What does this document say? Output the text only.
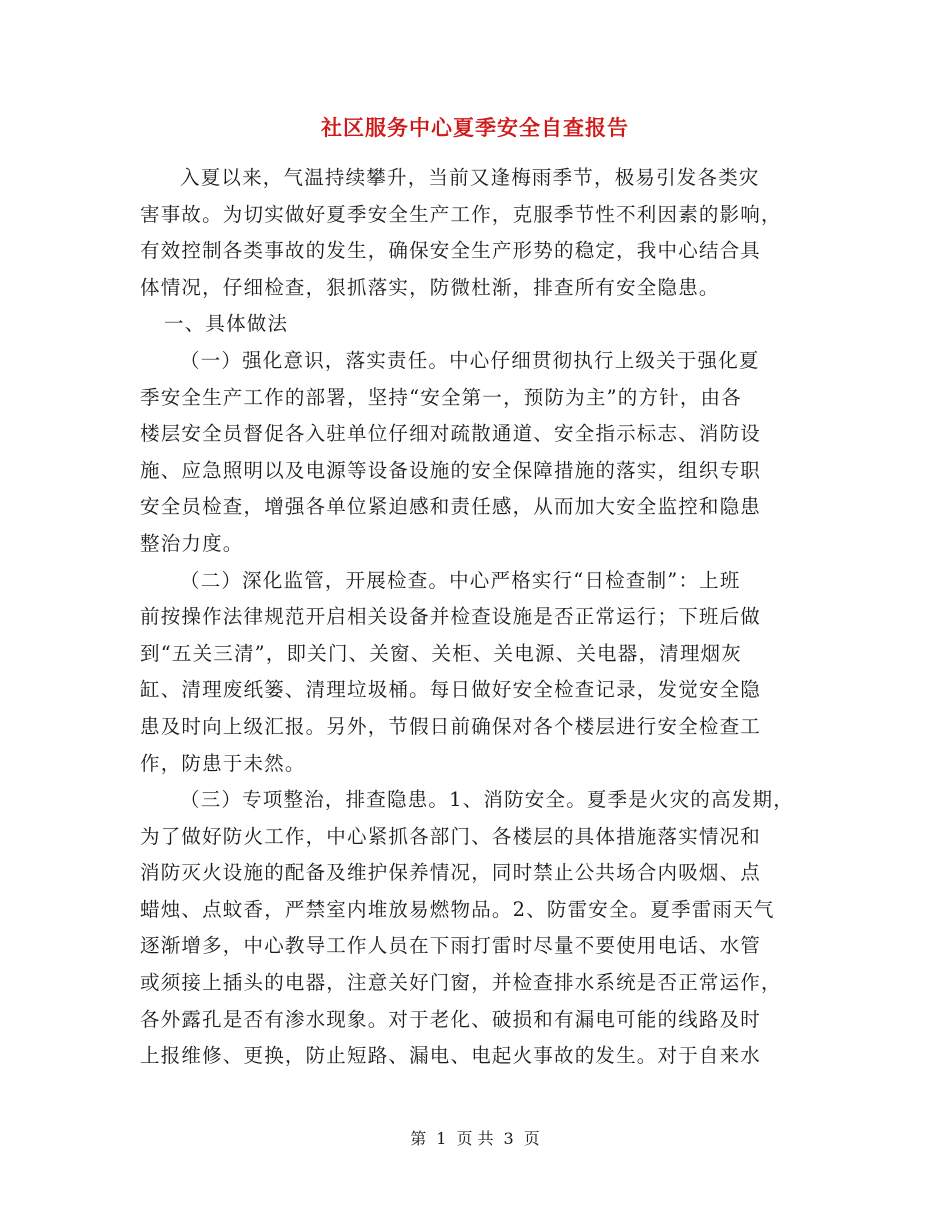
社区服务中心夏季安全自查报告
入夏以来，气温持续攀升，当前又逢梅雨季节，极易引发各类灾
害事故。为切实做好夏季安全生产工作，克服季节性不利因素的影响，
有效控制各类事故的发生，确保安全生产形势的稳定，我中心结合具
体情况，仔细检查，狠抓落实，防微杜渐，排查所有安全隐患。
一、具体做法
（一）强化意识，落实责任。中心仔细贯彻执行上级关于强化夏
季安全生产工作的部署，坚持“安全第一，预防为主”的方针，由各
楼层安全员督促各入驻单位仔细对疏散通道、安全指示标志、消防设
施、应急照明以及电源等设备设施的安全保障措施的落实，组织专职
安全员检查，增强各单位紧迫感和责任感，从而加大安全监控和隐患
整治力度。
（二）深化监管，开展检查。中心严格实行“日检查制”：上班
前按操作法律规范开启相关设备并检查设施是否正常运行；下班后做
到“五关三清”，即关门、关窗、关柜、关电源、关电器，清理烟灰
缸、清理废纸篓、清理垃圾桶。每日做好安全检查记录，发觉安全隐
患及时向上级汇报。另外，节假日前确保对各个楼层进行安全检查工
作，防患于未然。
（三）专项整治，排查隐患。1、消防安全。夏季是火灾的高发期，
为了做好防火工作，中心紧抓各部门、各楼层的具体措施落实情况和
消防灭火设施的配备及维护保养情况，同时禁止公共场合内吸烟、点
蜡烛、点蚊香，严禁室内堆放易燃物品。2、防雷安全。夏季雷雨天气
逐渐增多，中心教导工作人员在下雨打雷时尽量不要使用电话、水管
或须接上插头的电器，注意关好门窗，并检查排水系统是否正常运作，
各外露孔是否有渗水现象。对于老化、破损和有漏电可能的线路及时
上报维修、更换，防止短路、漏电、电起火事故的发生。对于自来水
第 1 页 共 3 页
